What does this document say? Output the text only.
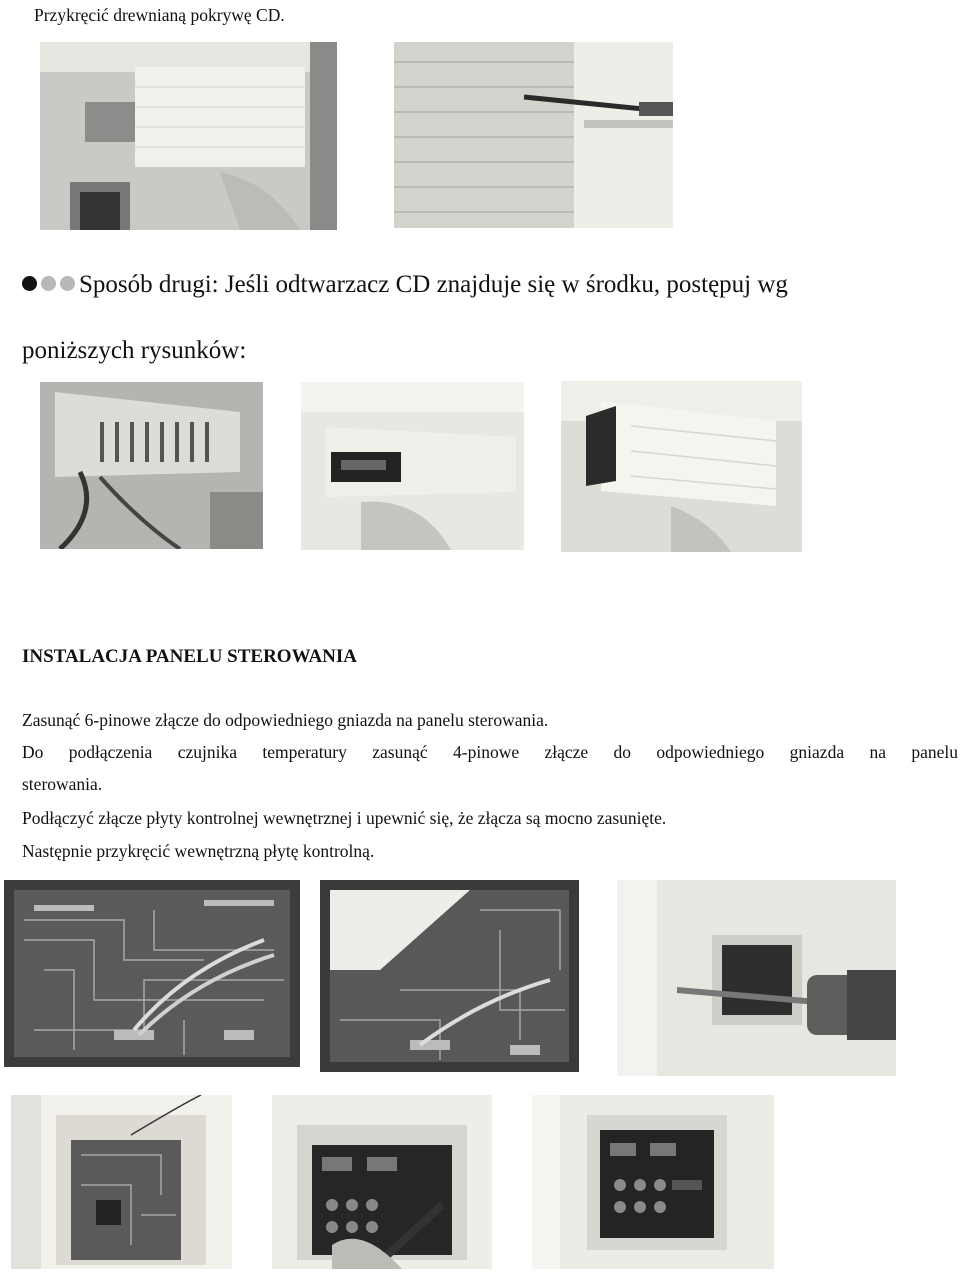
Przykręcić drewnianą pokrywę CD.
Sposób drugi: Jeśli odtwarzacz CD znajduje się w środku, postępuj wg
poniższych rysunków:
INSTALACJA PANELU STEROWANIA
Zasunąć 6-pinowe złącze do odpowiedniego gniazda na panelu sterowania.
Do podłączenia czujnika temperatury zasunąć 4-pinowe złącze do odpowiedniego gniazda na panelu
sterowania.
Podłączyć złącze płyty kontrolnej wewnętrznej i upewnić się, że złącza są mocno zasunięte.
Następnie przykręcić wewnętrzną płytę kontrolną.
